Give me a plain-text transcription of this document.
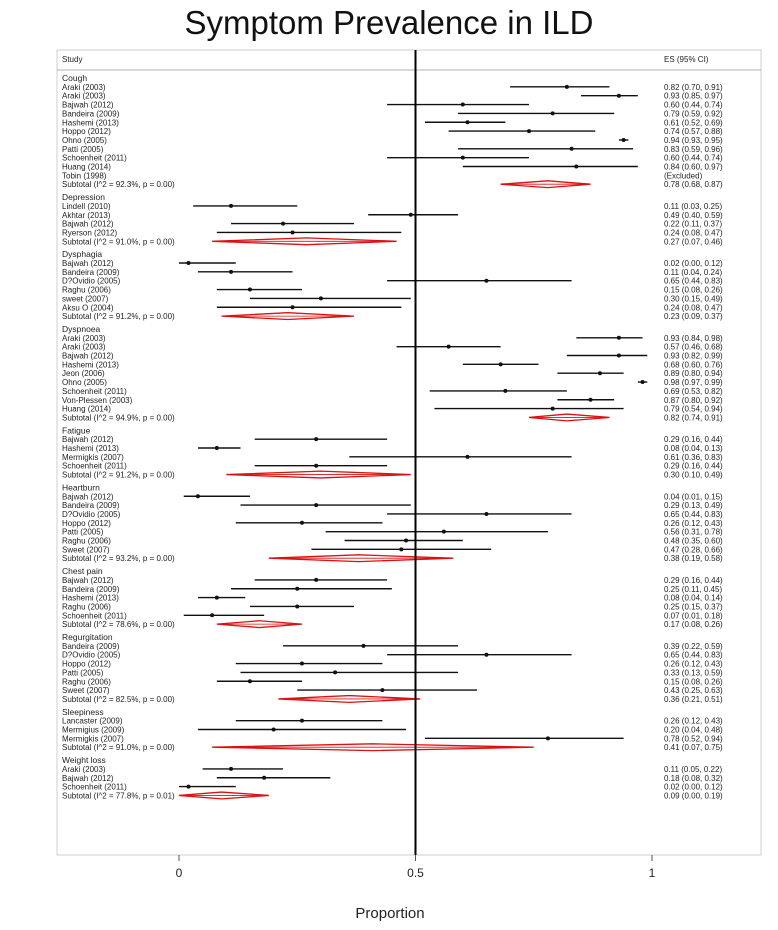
Symptom Prevalence in ILD
Study	ES (95% CI)
Cough
Araki (2003)	0.82 (0.70, 0.91)
Araki (2003)	0.93 (0.85, 0.97)
Bajwah (2012)	0.60 (0.44, 0.74)
Bandeira (2009)	0.79 (0.59, 0.92)
Hashemi (2013)	0.61 (0.52, 0.69)
Hoppo (2012)	0.74 (0.57, 0.88)
Ohno (2005)	0.94 (0.93, 0.95)
Patti (2005)	0.83 (0.59, 0.96)
Schoenheit (2011)	0.60 (0.44, 0.74)
Huang (2014)	0.84 (0.60, 0.97)
Tobin (1998)	(Excluded)
Subtotal (I^2 = 92.3%, p = 0.00)	0.78 (0.68, 0.87)
Depression
Lindell (2010)	0.11 (0.03, 0.25)
Akhtar (2013)	0.49 (0.40, 0.59)
Bajwah (2012)	0.22 (0.11, 0.37)
Ryerson (2012)	0.24 (0.08, 0.47)
Subtotal (I^2 = 91.0%, p = 0.00)	0.27 (0.07, 0.46)
Dysphagia
Bajwah (2012)	0.02 (0.00, 0.12)
Bandeira (2009)	0.11 (0.04, 0.24)
D?Ovidio (2005)	0.65 (0.44, 0.83)
Raghu (2006)	0.15 (0.08, 0.26)
sweet (2007)	0.30 (0.15, 0.49)
Aksu O (2004)	0.24 (0.08, 0.47)
Subtotal (I^2 = 91.2%, p = 0.00)	0.23 (0.09, 0.37)
Dyspnoea
Araki (2003)	0.93 (0.84, 0.98)
Araki (2003)	0.57 (0.46, 0.68)
Bajwah (2012)	0.93 (0.82, 0.99)
Hashemi (2013)	0.68 (0.60, 0.76)
Jeon (2006)	0.89 (0.80, 0.94)
Ohno (2005)	0.98 (0.97, 0.99)
Schoenheit (2011)	0.69 (0.53, 0.82)
Von-Plessen (2003)	0.87 (0.80, 0.92)
Huang (2014)	0.79 (0.54, 0.94)
Subtotal (I^2 = 94.9%, p = 0.00)	0.82 (0.74, 0.91)
Fatigue
Bajwah (2012)	0.29 (0.16, 0.44)
Hashemi (2013)	0.08 (0.04, 0.13)
Mermigkis (2007)	0.61 (0.36, 0.83)
Schoenheit (2011)	0.29 (0.16, 0.44)
Subtotal (I^2 = 91.2%, p = 0.00)	0.30 (0.10, 0.49)
Heartburn
Bajwah (2012)	0.04 (0.01, 0.15)
Bandeira (2009)	0.29 (0.13, 0.49)
D?Ovidio (2005)	0.65 (0.44, 0.83)
Hoppo (2012)	0.26 (0.12, 0.43)
Patti (2005)	0.56 (0.31, 0.78)
Raghu (2006)	0.48 (0.35, 0.60)
Sweet (2007)	0.47 (0.28, 0.66)
Subtotal (I^2 = 93.2%, p = 0.00)	0.38 (0.19, 0.58)
Chest pain
Bajwah (2012)	0.29 (0.16, 0.44)
Bandeira (2009)	0.25 (0.11, 0.45)
Hashemi (2013)	0.08 (0.04, 0.14)
Raghu (2006)	0.25 (0.15, 0.37)
Schoenheit (2011)	0.07 (0.01, 0.18)
Subtotal (I^2 = 78.6%, p = 0.00)	0.17 (0.08, 0.26)
Regurgitation
Bandeira (2009)	0.39 (0.22, 0.59)
D?Ovidio (2005)	0.65 (0.44, 0.83)
Hoppo (2012)	0.26 (0.12, 0.43)
Patti (2005)	0.33 (0.13, 0.59)
Raghu (2006)	0.15 (0.08, 0.26)
Sweet (2007)	0.43 (0.25, 0.63)
Subtotal (I^2 = 82.5%, p = 0.00)	0.36 (0.21, 0.51)
Sleepiness
Lancaster (2009)	0.26 (0.12, 0.43)
Mermigius (2009)	0.20 (0.04, 0.48)
Mermigkis (2007)	0.78 (0.52, 0.94)
Subtotal (I^2 = 91.0%, p = 0.00)	0.41 (0.07, 0.75)
Weight loss
Araki (2003)	0.11 (0.05, 0.22)
Bajwah (2012)	0.18 (0.08, 0.32)
Schoenheit (2011)	0.02 (0.00, 0.12)
Subtotal (I^2 = 77.8%, p = 0.01)	0.09 (0.00, 0.19)
0	0.5	1
Proportion
